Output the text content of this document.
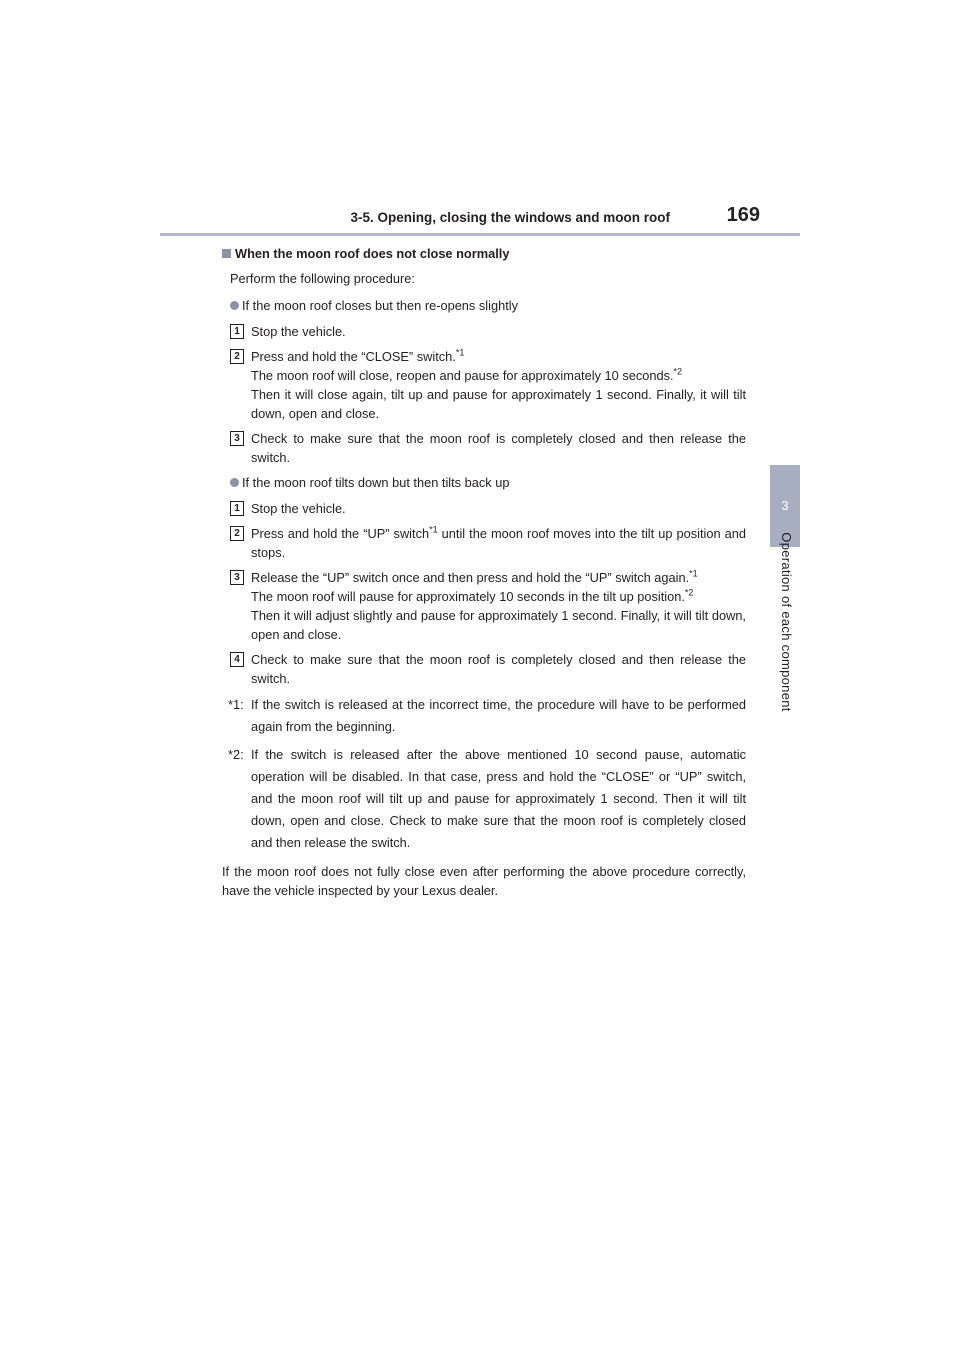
3-5. Opening, closing the windows and moon roof	169
3
Operation of each component
When the moon roof does not close normally
Perform the following procedure:
If the moon roof closes but then re-opens slightly
1 Stop the vehicle.

2 Press and hold the “CLOSE” switch.$^{*1}$

The moon roof will close, reopen and pause for approximately 10 seconds.$^{*2}$

Then it will close again, tilt up and pause for approximately 1 second. Finally, it will tilt down, open and close.

3 Check to make sure that the moon roof is completely closed and then release the switch.

If the moon roof tilts down but then tilts back up
1 Stop the vehicle.

2 Press and hold the “UP” switch$^{*1}$ until the moon roof moves into the tilt up position and stops.

3 Release the “UP” switch once and then press and hold the “UP” switch again.$^{*1}$

The moon roof will pause for approximately 10 seconds in the tilt up position.$^{*2}$

Then it will adjust slightly and pause for approximately 1 second. Finally, it will tilt down, open and close.

4 Check to make sure that the moon roof is completely closed and then release the switch.

*1: If the switch is released at the incorrect time, the procedure will have to be performed again from the beginning.
*2: If the switch is released after the above mentioned 10 second pause, automatic operation will be disabled. In that case, press and hold the “CLOSE” or “UP” switch, and the moon roof will tilt up and pause for approximately 1 second. Then it will tilt down, open and close. Check to make sure that the moon roof is completely closed and then release the switch.
If the moon roof does not fully close even after performing the above procedure correctly, have the vehicle inspected by your Lexus dealer.
